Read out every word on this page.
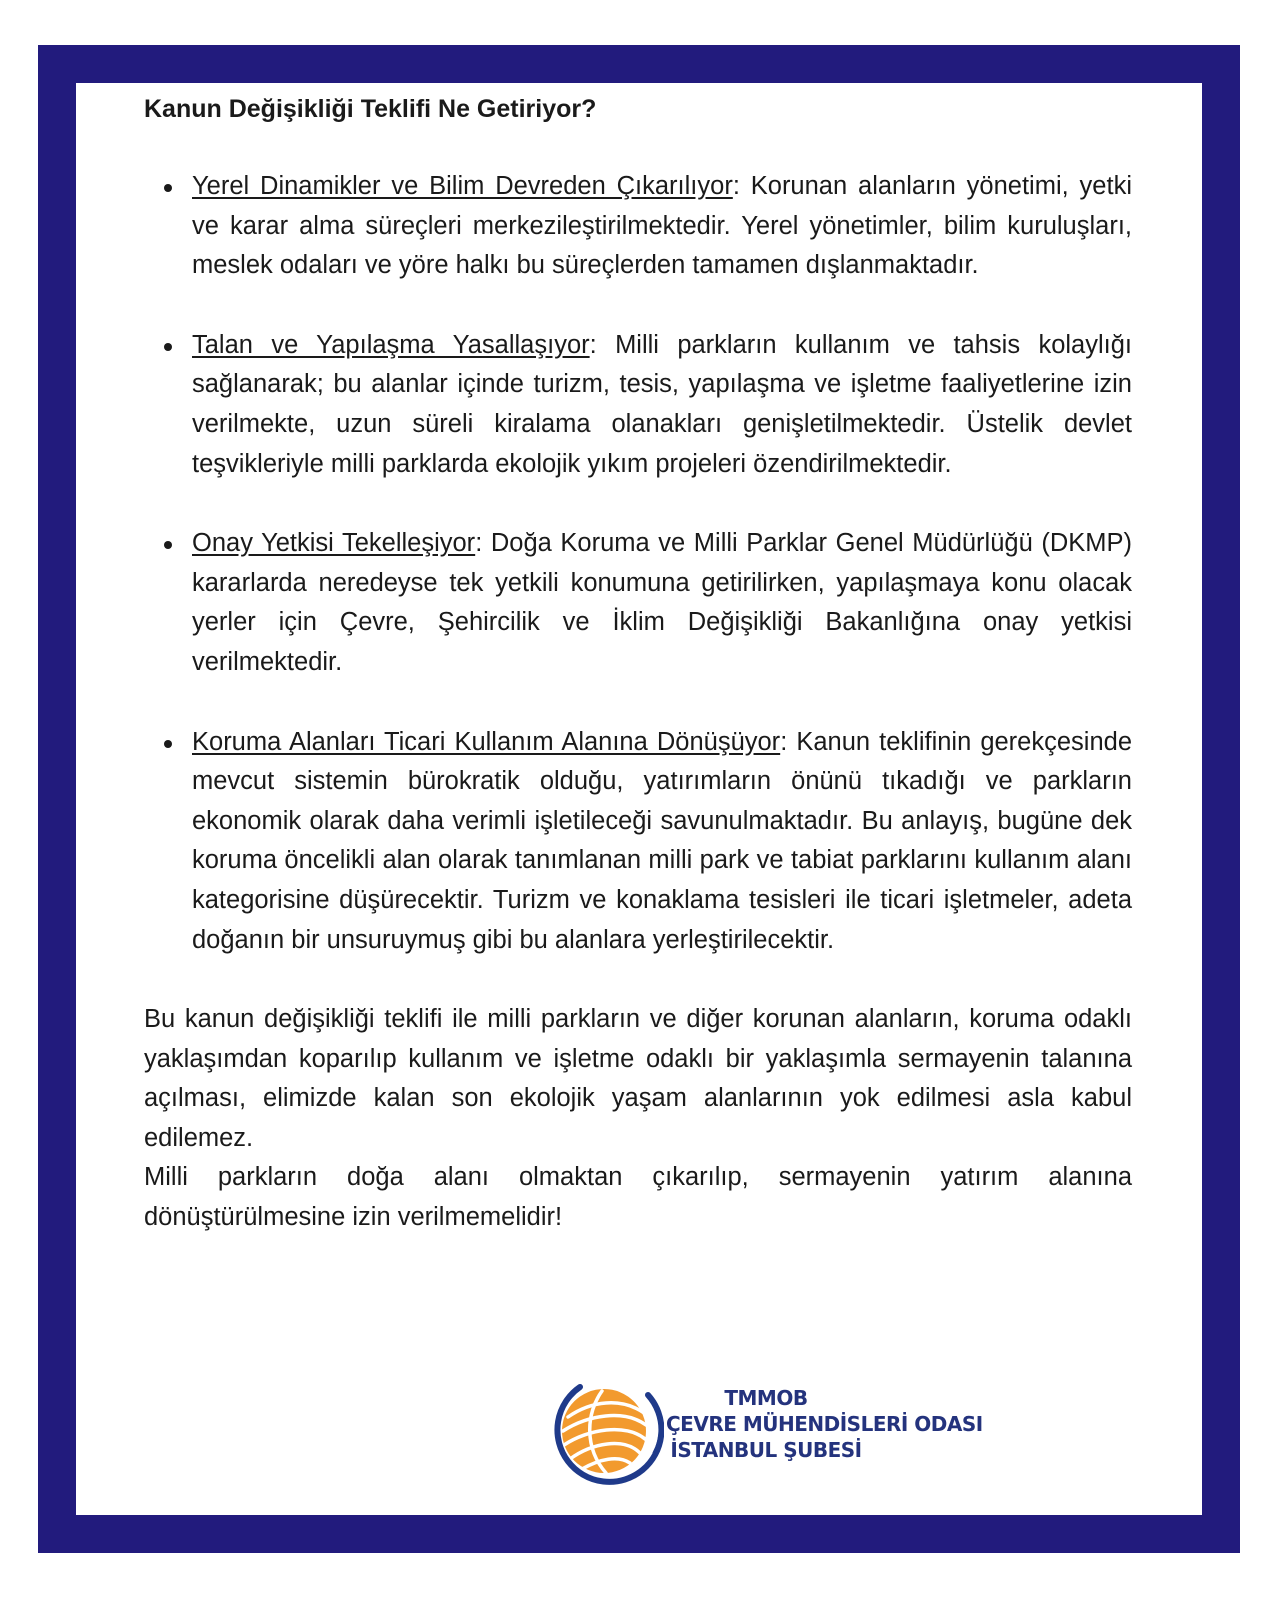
Kanun Değişikliği Teklifi Ne Getiriyor?
Yerel Dinamikler ve Bilim Devreden Çıkarılıyor: Korunan alanların yönetimi, yetki ve karar alma süreçleri merkezileştirilmektedir. Yerel yönetimler, bilim kuruluşları, meslek odaları ve yöre halkı bu süreçlerden tamamen dışlanmaktadır.
Talan ve Yapılaşma Yasallaşıyor: Milli parkların kullanım ve tahsis kolaylığı sağlanarak; bu alanlar içinde turizm, tesis, yapılaşma ve işletme faaliyetlerine izin verilmekte, uzun süreli kiralama olanakları genişletilmektedir. Üstelik devlet teşvikleriyle milli parklarda ekolojik yıkım projeleri özendirilmektedir.
Onay Yetkisi Tekelleşiyor: Doğa Koruma ve Milli Parklar Genel Müdürlüğü (DKMP) kararlarda neredeyse tek yetkili konumuna getirilirken, yapılaşmaya konu olacak yerler için Çevre, Şehircilik ve İklim Değişikliği Bakanlığına onay yetkisi verilmektedir.
Koruma Alanları Ticari Kullanım Alanına Dönüşüyor: Kanun teklifinin gerekçesinde mevcut sistemin bürokratik olduğu, yatırımların önünü tıkadığı ve parkların ekonomik olarak daha verimli işletileceği savunulmaktadır. Bu anlayış, bugüne dek koruma öncelikli alan olarak tanımlanan milli park ve tabiat parklarını kullanım alanı kategorisine düşürecektir. Turizm ve konaklama tesisleri ile ticari işletmeler, adeta doğanın bir unsuruymuş gibi bu alanlara yerleştirilecektir.

Bu kanun değişikliği teklifi ile milli parkların ve diğer korunan alanların, koruma odaklı yaklaşımdan koparılıp kullanım ve işletme odaklı bir yaklaşımla sermayenin talanına açılması, elimizde kalan son ekolojik yaşam alanlarının yok edilmesi asla kabul edilemez.

Milli parkların doğa alanı olmaktan çıkarılıp, sermayenin yatırım alanına dönüştürülmesine izin verilmemelidir!

TMMOB
ÇEVRE MÜHENDİSLERİ ODASI
İSTANBUL ŞUBESİ
